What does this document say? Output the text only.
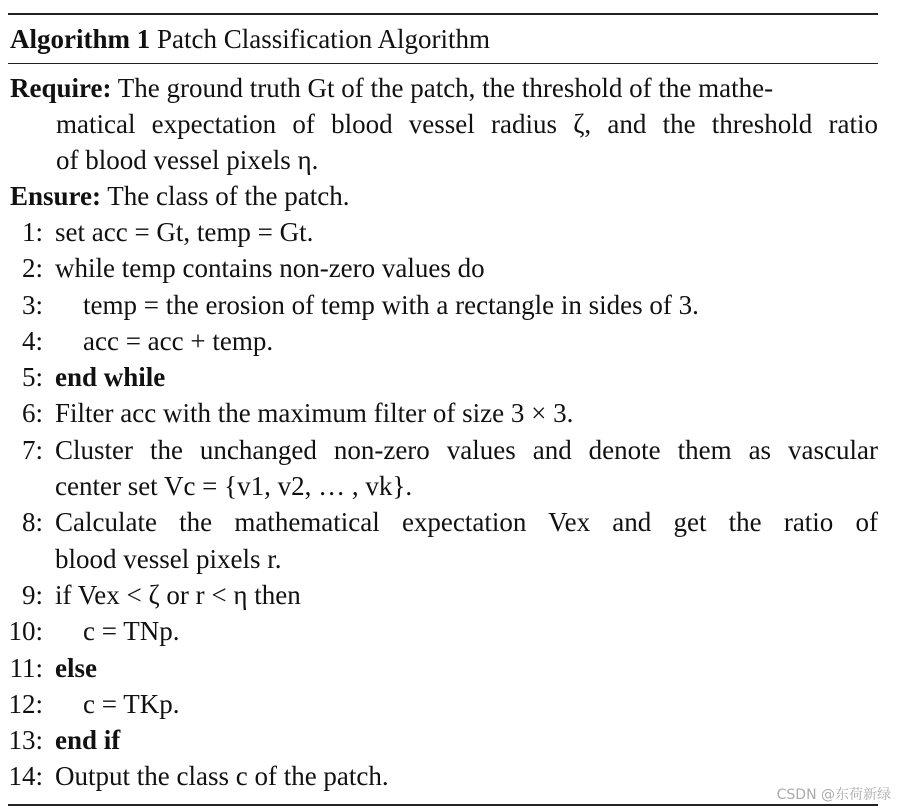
Algorithm 1 Patch Classification Algorithm
Require: The ground truth Gt of the patch, the threshold of the mathe-
matical expectation of blood vessel radius ζ, and the threshold ratio
of blood vessel pixels η.
Ensure: The class of the patch.
1: set acc = Gt, temp = Gt.
2: while temp contains non-zero values do
3: temp = the erosion of temp with a rectangle in sides of 3.
4: acc = acc + temp.
5: end while
6: Filter acc with the maximum filter of size 3 × 3.
7: Cluster the unchanged non-zero values and denote them as vascular
center set Vc = {v1, v2, … , vk}.
8: Calculate the mathematical expectation Vex and get the ratio of
blood vessel pixels r.
9: if Vex < ζ or r < η then
10: c = TNp.
11: else
12: c = TKp.
13: end if
14: Output the class c of the patch.
CSDN @东荷新绿
